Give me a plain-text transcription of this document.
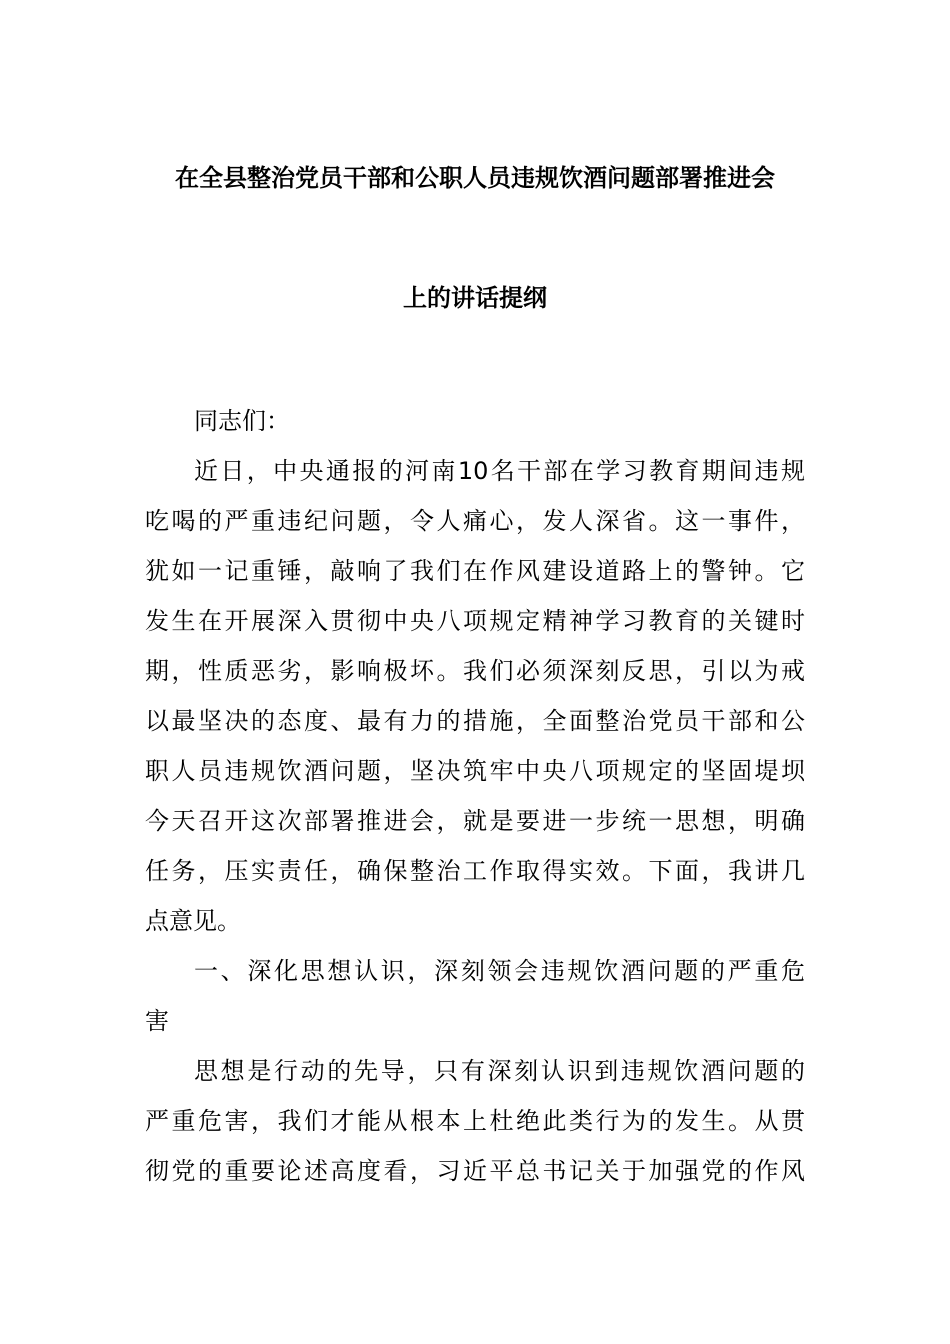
在全县整治党员干部和公职人员违规饮酒问题部署推进会
上的讲话提纲
同志们：
近日，中央通报的河南10名干部在学习教育期间违规
吃喝的严重违纪问题，令人痛心，发人深省。这一事件，
犹如一记重锤，敲响了我们在作风建设道路上的警钟。它
发生在开展深入贯彻中央八项规定精神学习教育的关键时
期，性质恶劣，影响极坏。我们必须深刻反思，引以为戒
以最坚决的态度、最有力的措施，全面整治党员干部和公
职人员违规饮酒问题，坚决筑牢中央八项规定的坚固堤坝
今天召开这次部署推进会，就是要进一步统一思想，明确
任务，压实责任，确保整治工作取得实效。下面，我讲几
点意见。
一、深化思想认识，深刻领会违规饮酒问题的严重危
害
思想是行动的先导，只有深刻认识到违规饮酒问题的
严重危害，我们才能从根本上杜绝此类行为的发生。从贯
彻党的重要论述高度看，习近平总书记关于加强党的作风
